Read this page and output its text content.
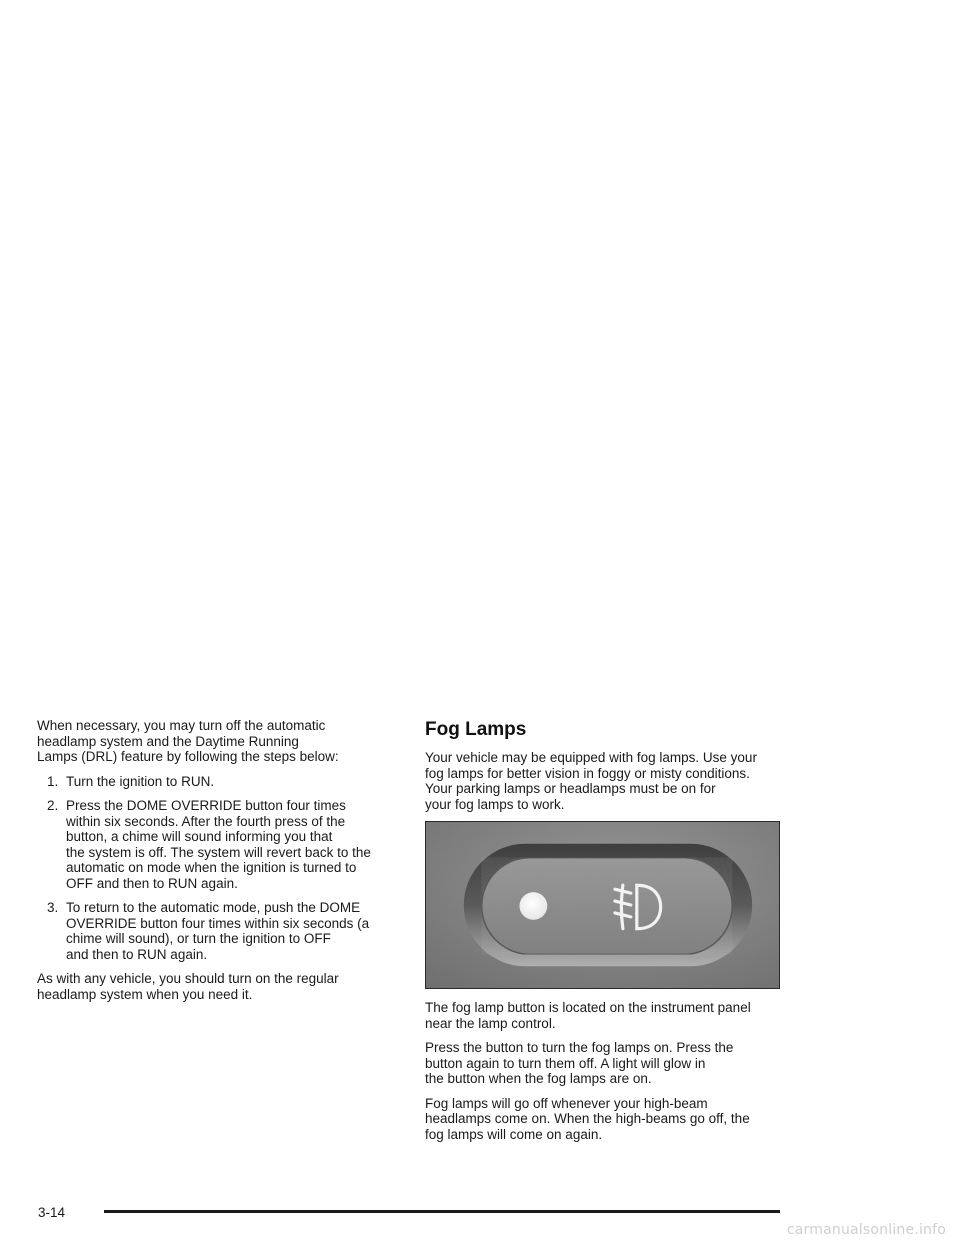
When necessary, you may turn off the automatic
headlamp system and the Daytime Running
Lamps (DRL) feature by following the steps below:

1. Turn the ignition to RUN.
2. Press the DOME OVERRIDE button four times
within six seconds. After the fourth press of the
button, a chime will sound informing you that
the system is off. The system will revert back to the
automatic on mode when the ignition is turned to
OFF and then to RUN again.
3. To return to the automatic mode, push the DOME
OVERRIDE button four times within six seconds (a
chime will sound), or turn the ignition to OFF
and then to RUN again.

As with any vehicle, you should turn on the regular
headlamp system when you need it.

Fog Lamps

Your vehicle may be equipped with fog lamps. Use your
fog lamps for better vision in foggy or misty conditions.
Your parking lamps or headlamps must be on for
your fog lamps to work.

The fog lamp button is located on the instrument panel
near the lamp control.

Press the button to turn the fog lamps on. Press the
button again to turn them off. A light will glow in
the button when the fog lamps are on.

Fog lamps will go off whenever your high-beam
headlamps come on. When the high-beams go off, the
fog lamps will come on again.

3-14
carmanualsonline.info
